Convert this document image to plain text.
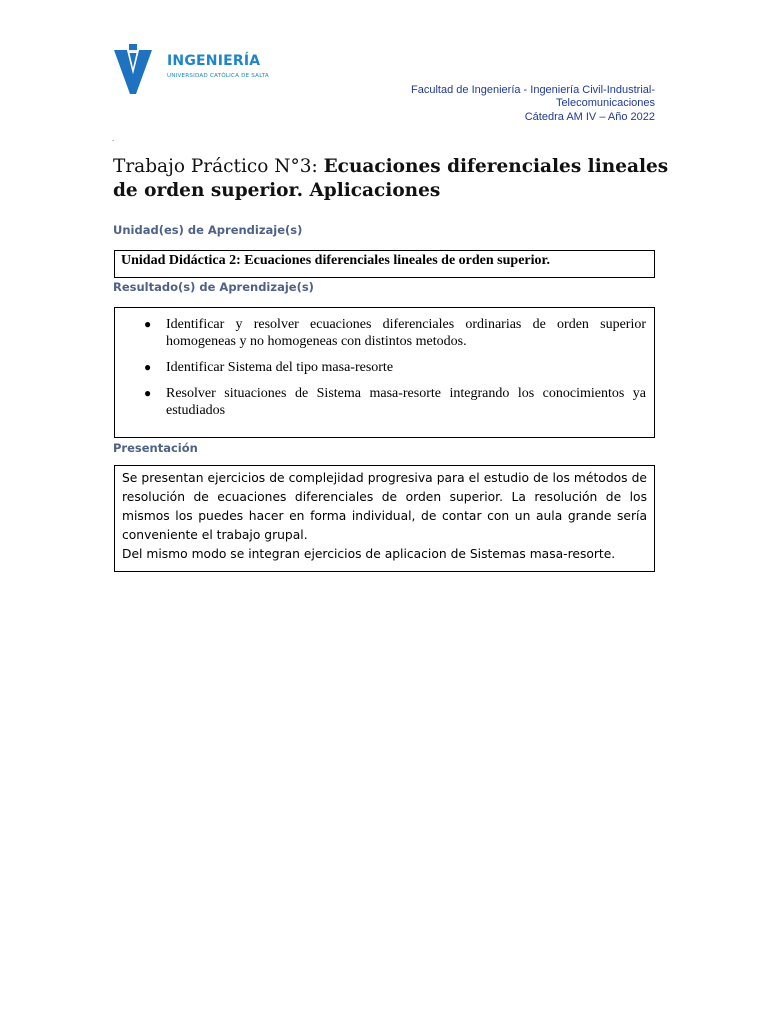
INGENIERÍA
UNIVERSIDAD CATÓLICA DE SALTA
Facultad de Ingeniería - Ingeniería Civil-Industrial-
Telecomunicaciones
Cátedra AM IV – Año 2022
.
Trabajo Práctico N°3: Ecuaciones diferenciales lineales de orden superior. Aplicaciones
Unidad(es) de Aprendizaje(s)
Unidad Didáctica 2: Ecuaciones diferenciales lineales de orden superior.
Resultado(s) de Aprendizaje(s)
● Identificar y resolver ecuaciones diferenciales ordinarias de orden superior homogeneas y no homogeneas con distintos metodos.
● Identificar Sistema del tipo masa-resorte
● Resolver situaciones de Sistema masa-resorte integrando los conocimientos ya estudiados
Presentación

Se presentan ejercicios de complejidad progresiva para el estudio de los métodos de resolución de ecuaciones diferenciales de orden superior. La resolución de los mismos los puedes hacer en forma individual, de contar con un aula grande sería conveniente el trabajo grupal.

Del mismo modo se integran ejercicios de aplicacion de Sistemas masa-resorte.
